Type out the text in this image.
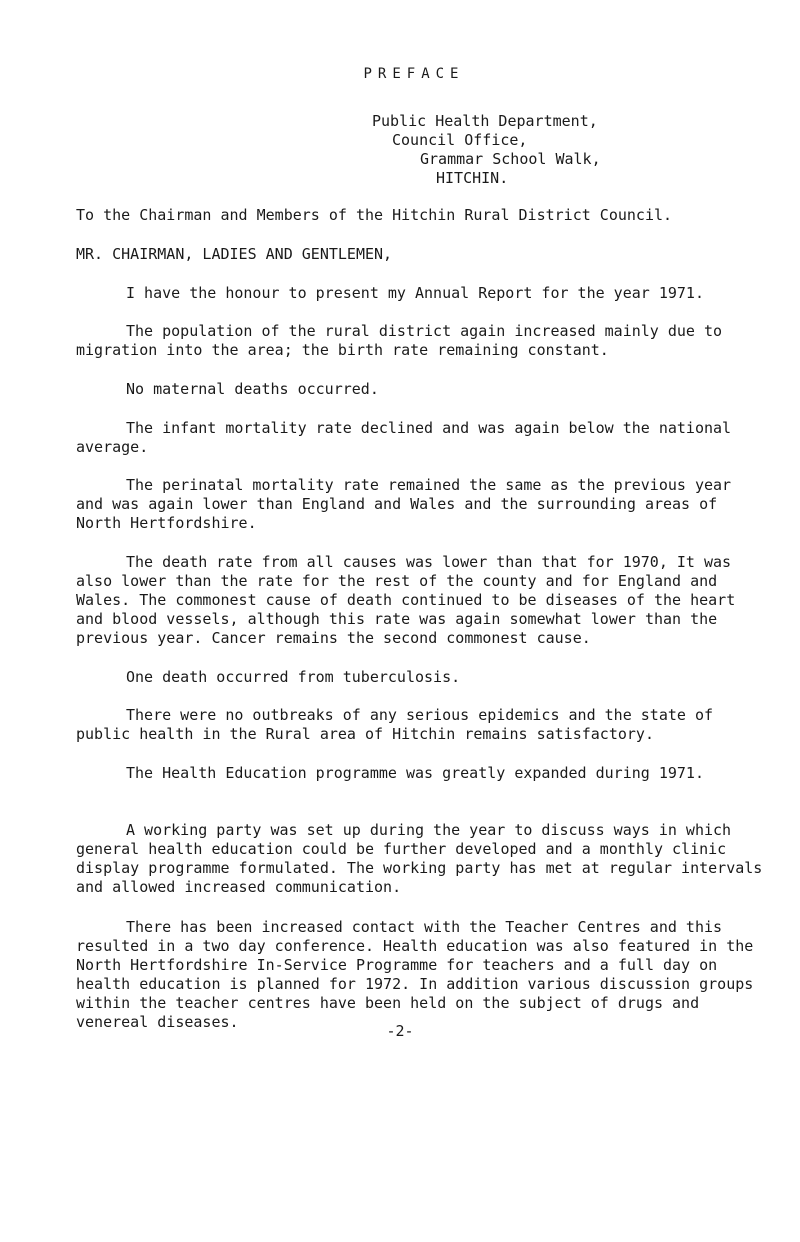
PREFACE
Public Health Department,
Council Office,
Grammar School Walk,
HITCHIN.
To the Chairman and Members of the Hitchin Rural District Council.
MR. CHAIRMAN, LADIES AND GENTLEMEN,
I have the honour to present my Annual Report for the year 1971.
The population of the rural district again increased mainly due to migration into the area; the birth rate remaining constant.
No maternal deaths occurred.
The infant mortality rate declined and was again below the national average.
The perinatal mortality rate remained the same as the previous year and was again lower than England and Wales and the surrounding areas of North Hertfordshire.
The death rate from all causes was lower than that for 1970, It was also lower than the rate for the rest of the county and for England and Wales. The commonest cause of death continued to be diseases of the heart and blood vessels, although this rate was again somewhat lower than the previous year. Cancer remains the second commonest cause.
One death occurred from tuberculosis.
There were no outbreaks of any serious epidemics and the state of public health in the Rural area of Hitchin remains satisfactory.
The Health Education programme was greatly expanded during 1971.
A working party was set up during the year to discuss ways in which general health education could be further developed and a monthly clinic display programme formulated. The working party has met at regular intervals and allowed increased communication.
There has been increased contact with the Teacher Centres and this resulted in a two day conference. Health education was also featured in the North Hertfordshire In-Service Programme for teachers and a full day on health education is planned for 1972. In addition various discussion groups within the teacher centres have been held on the subject of drugs and venereal diseases.	-2-
